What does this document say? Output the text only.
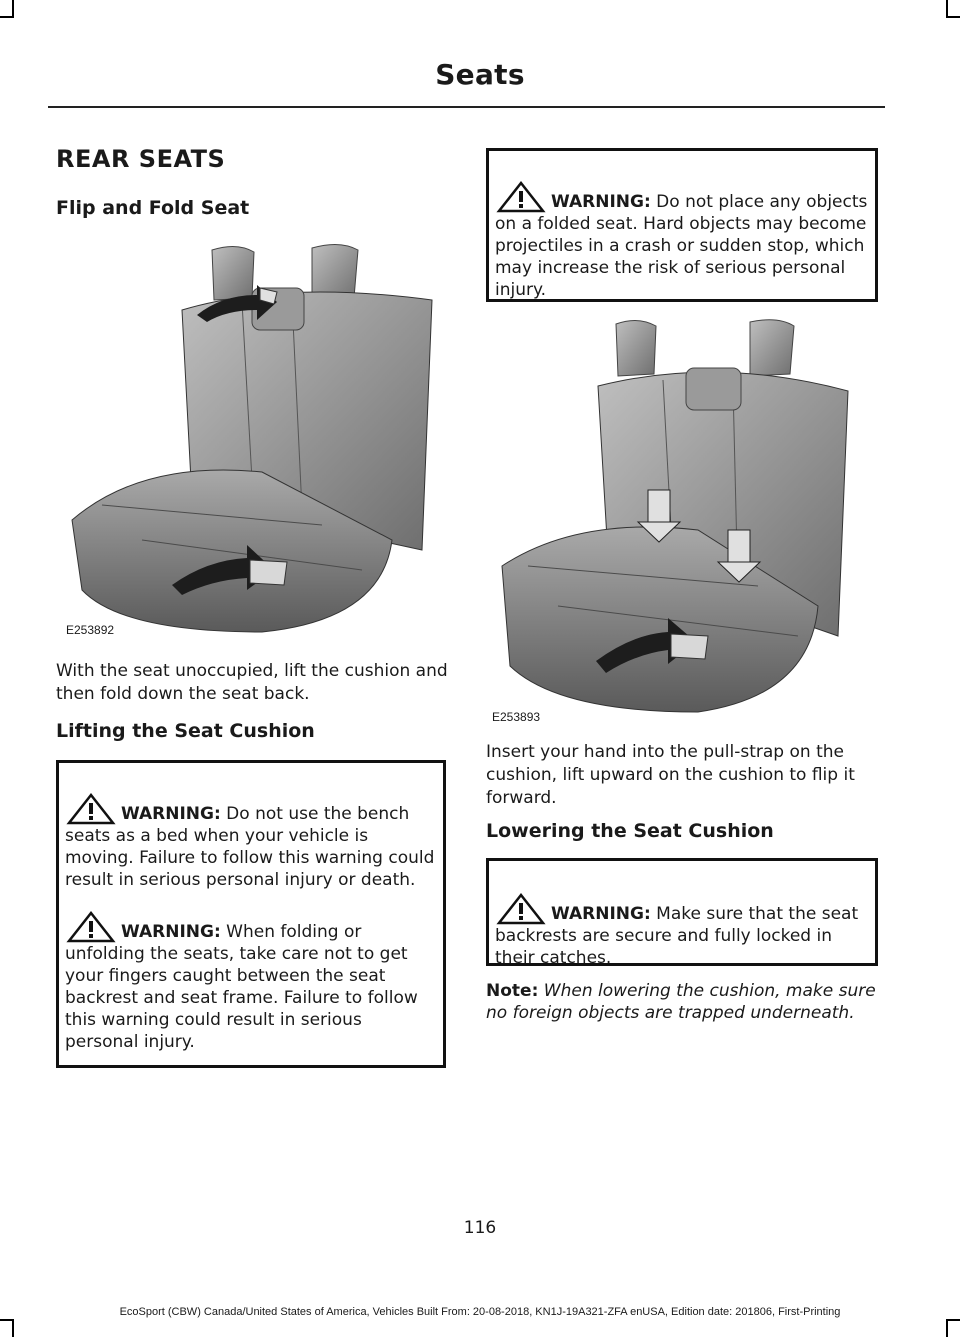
Seats
REAR SEATS
Flip and Fold Seat
E253892

With the seat unoccupied, lift the cushion and then fold down the seat back.

Lifting the Seat Cushion

WARNING: Do not use the bench seats as a bed when your vehicle is moving. Failure to follow this warning could result in serious personal injury or death.

WARNING: When folding or unfolding the seats, take care not to get your fingers caught between the seat backrest and seat frame. Failure to follow this warning could result in serious personal injury.

WARNING: Do not place any objects on a folded seat. Hard objects may become projectiles in a crash or sudden stop, which may increase the risk of serious personal injury.

E253893

Insert your hand into the pull-strap on the cushion, lift upward on the cushion to flip it forward.

Lowering the Seat Cushion

WARNING: Make sure that the seat backrests are secure and fully locked in their catches.

Note: When lowering the cushion, make sure no foreign objects are trapped underneath.

116
EcoSport (CBW) Canada/United States of America, Vehicles Built From: 20-08-2018, KN1J-19A321-ZFA enUSA, Edition date: 201806, First-Printing
